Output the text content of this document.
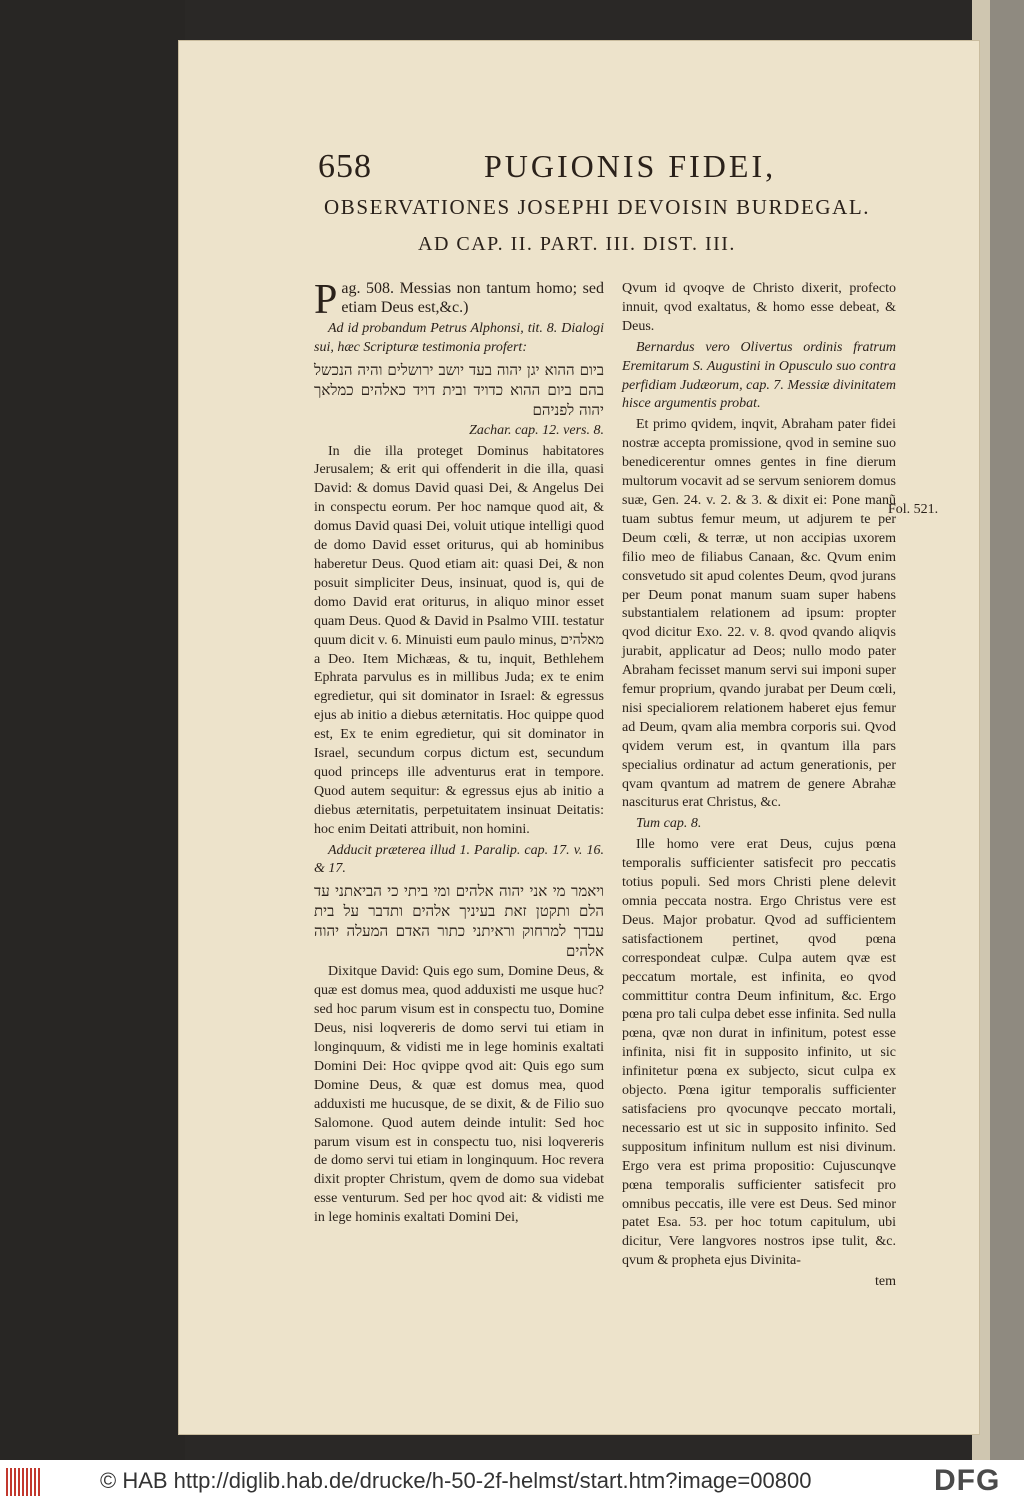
658	PUGIONIS FIDEI,
OBSERVATIONES JOSEPHI DEVOISIN BURDEGAL.
AD CAP. II. PART. III. DIST. III.

Pag. 508. Messias non tantum homo; sed etiam Deus est,&c.)

Ad id probandum Petrus Alphonsi, tit. 8. Dialogi sui, hæc Scripturæ testimonia profert:

ביום ההוא יגן יהוה בעד יושב ירושלים והיה הנכשל בהם ביום ההוא כדויד ובית דויד כאלהים כמלאך יהוה לפניהם

Zachar. cap. 12. vers. 8.

In die illa proteget Dominus habitatores Jerusalem; & erit qui offenderit in die illa, quasi David: & domus David quasi Dei, & Angelus Dei in conspectu eorum. Per hoc namque quod ait, & domus David quasi Dei, voluit utique intelligi quod de domo David esset oriturus, qui ab hominibus haberetur Deus. Quod etiam ait: quasi Dei, & non posuit simpliciter Deus, insinuat, quod is, qui de domo David erat oriturus, in aliquo minor esset quam Deus. Quod & David in Psalmo VIII. testatur quum dicit v. 6. Minuisti eum paulo minus, מאלהים a Deo. Item Michæas, & tu, inquit, Bethlehem Ephrata parvulus es in millibus Juda; ex te enim egredietur, qui sit dominator in Israel: & egressus ejus ab initio a diebus æternitatis. Hoc quippe quod est, Ex te enim egredietur, qui sit dominator in Israel, secundum corpus dictum est, secundum quod princeps ille adventurus erat in tempore. Quod autem sequitur: & egressus ejus ab initio a diebus æternitatis, perpetuitatem insinuat Deitatis: hoc enim Deitati attribuit, non homini.

Adducit præterea illud 1. Paralip. cap. 17. v. 16. & 17.

ויאמר מי אני יהוה אלהים ומי ביתי כי הביאתני עד הלם ותקטן זאת בעיניך אלהים ותדבר על בית עבדך למרחוק וראיתני כתור האדם המעלה יהוה אלהים

Dixitque David: Quis ego sum, Domine Deus, & quæ est domus mea, quod adduxisti me usque huc? sed hoc parum visum est in conspectu tuo, Domine Deus, nisi loqvereris de domo servi tui etiam in longinquum, & vidisti me in lege hominis exaltati Domini Dei: Hoc qvippe qvod ait: Quis ego sum Domine Deus, & quæ est domus mea, quod adduxisti me hucusque, de se dixit, & de Filio suo Salomone. Quod autem deinde intulit: Sed hoc parum visum est in conspectu tuo, nisi loqvereris de domo servi tui etiam in longinquum. Hoc revera dixit propter Christum, qvem de domo sua videbat esse venturum. Sed per hoc qvod ait: & vidisti me in lege hominis exaltati Domini Dei,

Qvum id qvoqve de Christo dixerit, profecto innuit, qvod exaltatus, & homo esse debeat, & Deus.

Bernardus vero Olivertus ordinis fratrum Eremitarum S. Augustini in Opusculo suo contra perfidiam Judæorum, cap. 7. Messiæ divinitatem hisce argumentis probat.

Et primo qvidem, inqvit, Abraham pater fidei nostræ accepta promissione, qvod in semine suo benedicerentur omnes gentes in fine dierum multorum vocavit ad se servum seniorem domus suæ, Gen. 24. v. 2. & 3. & dixit ei: Pone manũ tuam subtus femur meum, ut adjurem te per Deum cœli, & terræ, ut non accipias uxorem filio meo de filiabus Canaan, &c. Qvum enim consvetudo sit apud colentes Deum, qvod jurans per Deum ponat manum suam super habens substantialem relationem ad ipsum: propter qvod dicitur Exo. 22. v. 8. qvod qvando aliqvis jurabit, applicatur ad Deos; nullo modo pater Abraham fecisset manum servi sui imponi super femur proprium, qvando jurabat per Deum cœli, nisi specialiorem relationem haberet ejus femur ad Deum, qvam alia membra corporis sui. Qvod qvidem verum est, in qvantum illa pars specialius ordinatur ad actum generationis, per qvam qvantum ad matrem de genere Abrahæ nasciturus erat Christus, &c.

Tum cap. 8.

Ille homo vere erat Deus, cujus pœna temporalis sufficienter satisfecit pro peccatis totius populi. Sed mors Christi plene delevit omnia peccata nostra. Ergo Christus vere est Deus. Major probatur. Qvod ad sufficientem satisfactionem pertinet, qvod pœna correspondeat culpæ. Culpa autem qvæ est peccatum mortale, est infinita, eo qvod committitur contra Deum infinitum, &c. Ergo pœna pro tali culpa debet esse infinita. Sed nulla pœna, qvæ non durat in infinitum, potest esse infinita, nisi fit in supposito infinito, ut sic infinitetur pœna ex subjecto, sicut culpa ex objecto. Pœna igitur temporalis sufficienter satisfaciens pro qvocunqve peccato mortali, necessario est ut sic in supposito infinito. Sed suppositum infinitum nullum est nisi divinum. Ergo vera est prima propositio: Cujuscunqve pœna temporalis sufficienter satisfecit pro omnibus peccatis, ille vere est Deus. Sed minor patet Esa. 53. per hoc totum capitulum, ubi dicitur, Vere langvores nostros ipse tulit, &c. qvum & propheta ejus Divinita-

tem

Fol. 521.
© HAB http://diglib.hab.de/drucke/h-50-2f-helmst/start.htm?image=00800	DFG
